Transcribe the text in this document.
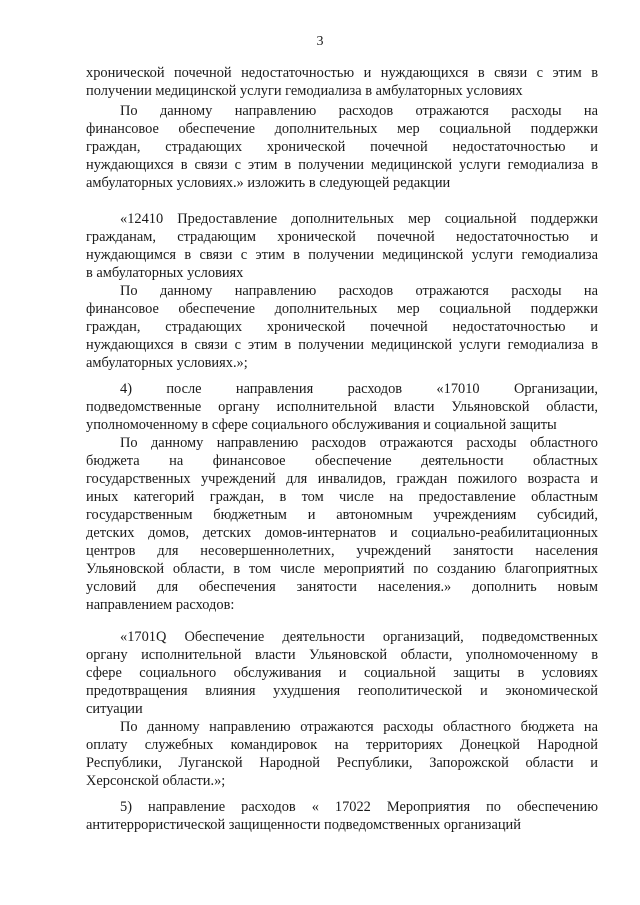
3
хронической почечной недостаточностью и нуждающихся в связи с этим в
получении медицинской услуги гемодиализа в амбулаторных условиях
По данному направлению расходов отражаются расходы на
финансовое обеспечение дополнительных мер социальной поддержки
граждан, страдающих хронической почечной недостаточностью и
нуждающихся в связи с этим в получении медицинской услуги гемодиализа в
амбулаторных условиях.» изложить в следующей редакции
«12410 Предоставление дополнительных мер социальной поддержки
гражданам, страдающим хронической почечной недостаточностью и
нуждающимся в связи с этим в получении медицинской услуги гемодиализа
в амбулаторных условиях
По данному направлению расходов отражаются расходы на
финансовое обеспечение дополнительных мер социальной поддержки
граждан, страдающих хронической почечной недостаточностью и
нуждающихся в связи с этим в получении медицинской услуги гемодиализа в
амбулаторных условиях.»;
4) после направления расходов «17010 Организации,
подведомственные органу исполнительной власти Ульяновской области,
уполномоченному в сфере социального обслуживания и социальной защиты
По данному направлению расходов отражаются расходы областного
бюджета на финансовое обеспечение деятельности областных
государственных учреждений для инвалидов, граждан пожилого возраста и
иных категорий граждан, в том числе на предоставление областным
государственным бюджетным и автономным учреждениям субсидий,
детских домов, детских домов-интернатов и социально-реабилитационных
центров для несовершеннолетних, учреждений занятости населения
Ульяновской области, в том числе мероприятий по созданию благоприятных
условий для обеспечения занятости населения.» дополнить новым
направлением расходов:
«1701Q Обеспечение деятельности организаций, подведомственных
органу исполнительной власти Ульяновской области, уполномоченному в
сфере социального обслуживания и социальной защиты в условиях
предотвращения влияния ухудшения геополитической и экономической
ситуации
По данному направлению отражаются расходы областного бюджета на
оплату служебных командировок на территориях Донецкой Народной
Республики, Луганской Народной Республики, Запорожской области и
Херсонской области.»;
5) направление расходов « 17022 Мероприятия по обеспечению
антитеррористической защищенности подведомственных организаций
